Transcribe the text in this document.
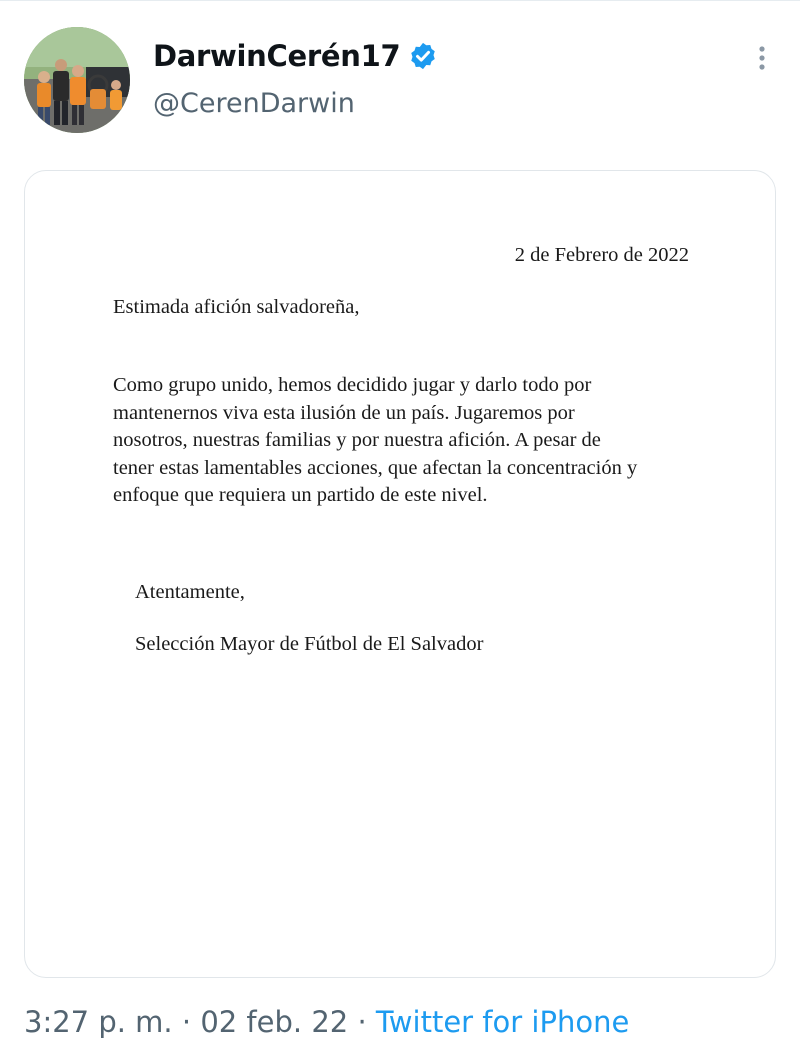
DarwinCerén17
@CerenDarwin
2 de Febrero de 2022
Estimada afición salvadoreña,
Como grupo unido, hemos decidido jugar y darlo todo por
mantenernos viva esta ilusión de un país. Jugaremos por
nosotros, nuestras familias y por nuestra afición. A pesar de
tener estas lamentables acciones, que afectan la concentración y
enfoque que requiera un partido de este nivel.
Atentamente,
Selección Mayor de Fútbol de El Salvador
3:27 p. m. · 02 feb. 22 · Twitter for iPhone
